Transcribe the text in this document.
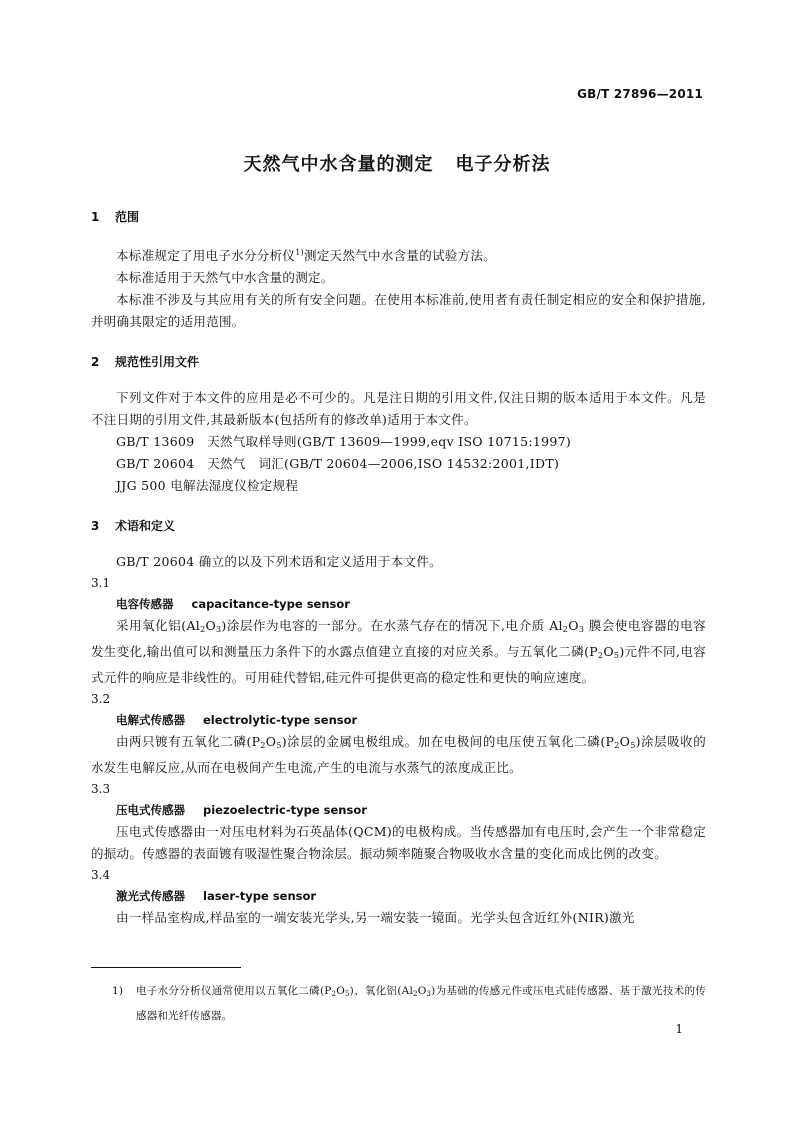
GB/T 27896—2011
天然气中水含量的测定 电子分析法
1 范围

本标准规定了用电子水分分析仪$^{1)}$测定天然气中水含量的试验方法。

本标准适用于天然气中水含量的测定。

本标准不涉及与其应用有关的所有安全问题。在使用本标准前,使用者有责任制定相应的安全和保护措施,并明确其限定的适用范围。

2 规范性引用文件

下列文件对于本文件的应用是必不可少的。凡是注日期的引用文件,仅注日期的版本适用于本文件。凡是不注日期的引用文件,其最新版本(包括所有的修改单)适用于本文件。

GB/T 13609　天然气取样导则(GB/T 13609—1999,eqv ISO 10715:1997)

GB/T 20604　天然气　词汇(GB/T 20604—2006,ISO 14532:2001,IDT)

JJG 500 电解法湿度仪检定规程

3 术语和定义

GB/T 20604 确立的以及下列术语和定义适用于本文件。

3.1
电容传感器 capacitance-type sensor

采用氧化铝$(Al_2O_3)$涂层作为电容的一部分。在水蒸气存在的情况下,电介质 $Al_2O_3$ 膜会使电容器的电容发生变化,输出值可以和测量压力条件下的水露点值建立直接的对应关系。与五氧化二磷$(P_2O_5)$元件不同,电容式元件的响应是非线性的。可用硅代替铝,硅元件可提供更高的稳定性和更快的响应速度。

3.2
电解式传感器 electrolytic-type sensor

由两只镀有五氧化二磷$(P_2O_5)$涂层的金属电极组成。加在电极间的电压使五氧化二磷$(P_2O_5)$涂层吸收的水发生电解反应,从而在电极间产生电流,产生的电流与水蒸气的浓度成正比。

3.3
压电式传感器 piezoelectric-type sensor

压电式传感器由一对压电材料为石英晶体(QCM)的电极构成。当传感器加有电压时,会产生一个非常稳定的振动。传感器的表面镀有吸湿性聚合物涂层。振动频率随聚合物吸收水含量的变化而成比例的改变。

3.4
激光式传感器 laser-type sensor

由一样品室构成,样品室的一端安装光学头,另一端安装一镜面。光学头包含近红外(NIR)激光

1)	电子水分分析仪通常使用以五氧化二磷$(P_2O_5)$、氧化铝$(Al_2O_3)$为基础的传感元件或压电式硅传感器、基于激光技术的传感器和光纤传感器。
1
